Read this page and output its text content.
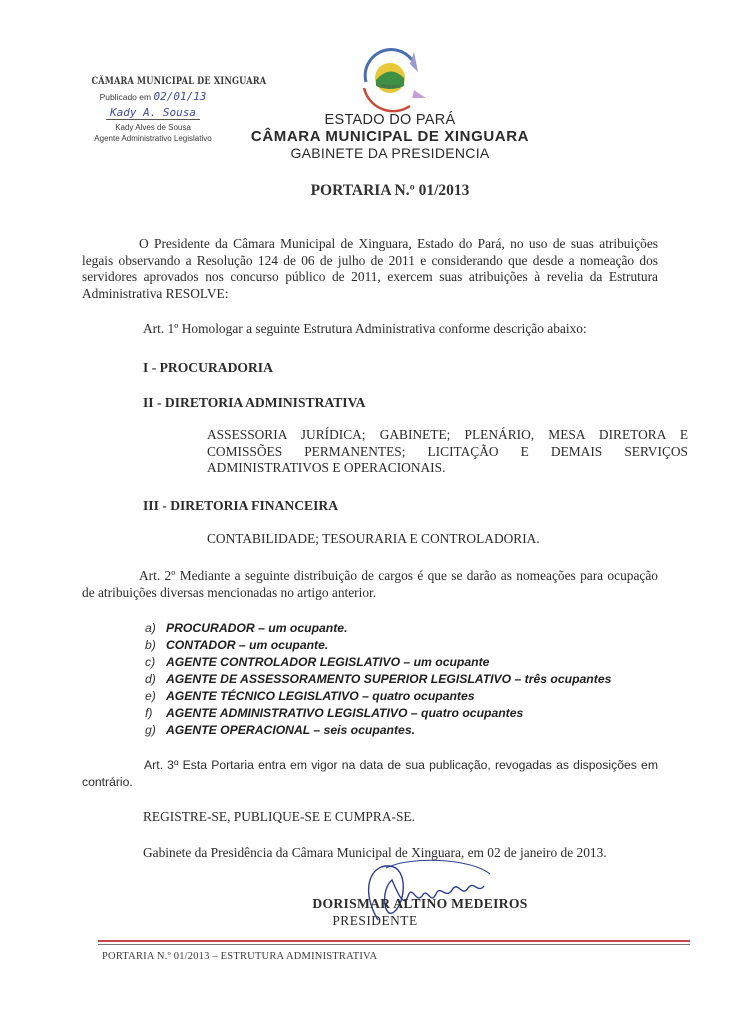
CÂMARA MUNICIPAL DE XINGUARA
Publicado em 02/01/13
Kady A. Sousa
Kady Alves de Sousa
Agente Administrativo Legislativo
Xinguara
ESTADO DO PARÁ
CÂMARA MUNICIPAL DE XINGUARA
GABINETE DA PRESIDENCIA
PORTARIA N.º 01/2013
O Presidente da Câmara Municipal de Xinguara, Estado do Pará, no uso de suas atribuições legais observando a Resolução 124 de 06 de julho de 2011 e considerando que desde a nomeação dos servidores aprovados nos concurso público de 2011, exercem suas atribuições à revelia da Estrutura Administrativa RESOLVE:
Art. 1º Homologar a seguinte Estrutura Administrativa conforme descrição abaixo:
I - PROCURADORIA
II - DIRETORIA ADMINISTRATIVA
ASSESSORIA JURÍDICA; GABINETE; PLENÁRIO, MESA DIRETORA E COMISSÕES PERMANENTES; LICITAÇÃO E DEMAIS SERVIÇOS ADMINISTRATIVOS E OPERACIONAIS.
III - DIRETORIA FINANCEIRA
CONTABILIDADE; TESOURARIA E CONTROLADORIA.
Art. 2º Mediante a seguinte distribuição de cargos é que se darão as nomeações para ocupação de atribuições diversas mencionadas no artigo anterior.
a) PROCURADOR – um ocupante.
b) CONTADOR – um ocupante.
c) AGENTE CONTROLADOR LEGISLATIVO – um ocupante
d) AGENTE DE ASSESSORAMENTO SUPERIOR LEGISLATIVO – três ocupantes
e) AGENTE TÉCNICO LEGISLATIVO – quatro ocupantes
f) AGENTE ADMINISTRATIVO LEGISLATIVO – quatro ocupantes
g) AGENTE OPERACIONAL – seis ocupantes.
Art. 3º Esta Portaria entra em vigor na data de sua publicação, revogadas as disposições em contrário.
REGISTRE-SE, PUBLIQUE-SE E CUMPRA-SE.
Gabinete da Presidência da Câmara Municipal de Xinguara, em 02 de janeiro de 2013.
DORISMAR ALTINO MEDEIROS
PRESIDENTE
PORTARIA N.º 01/2013 – ESTRUTURA ADMINISTRATIVA
